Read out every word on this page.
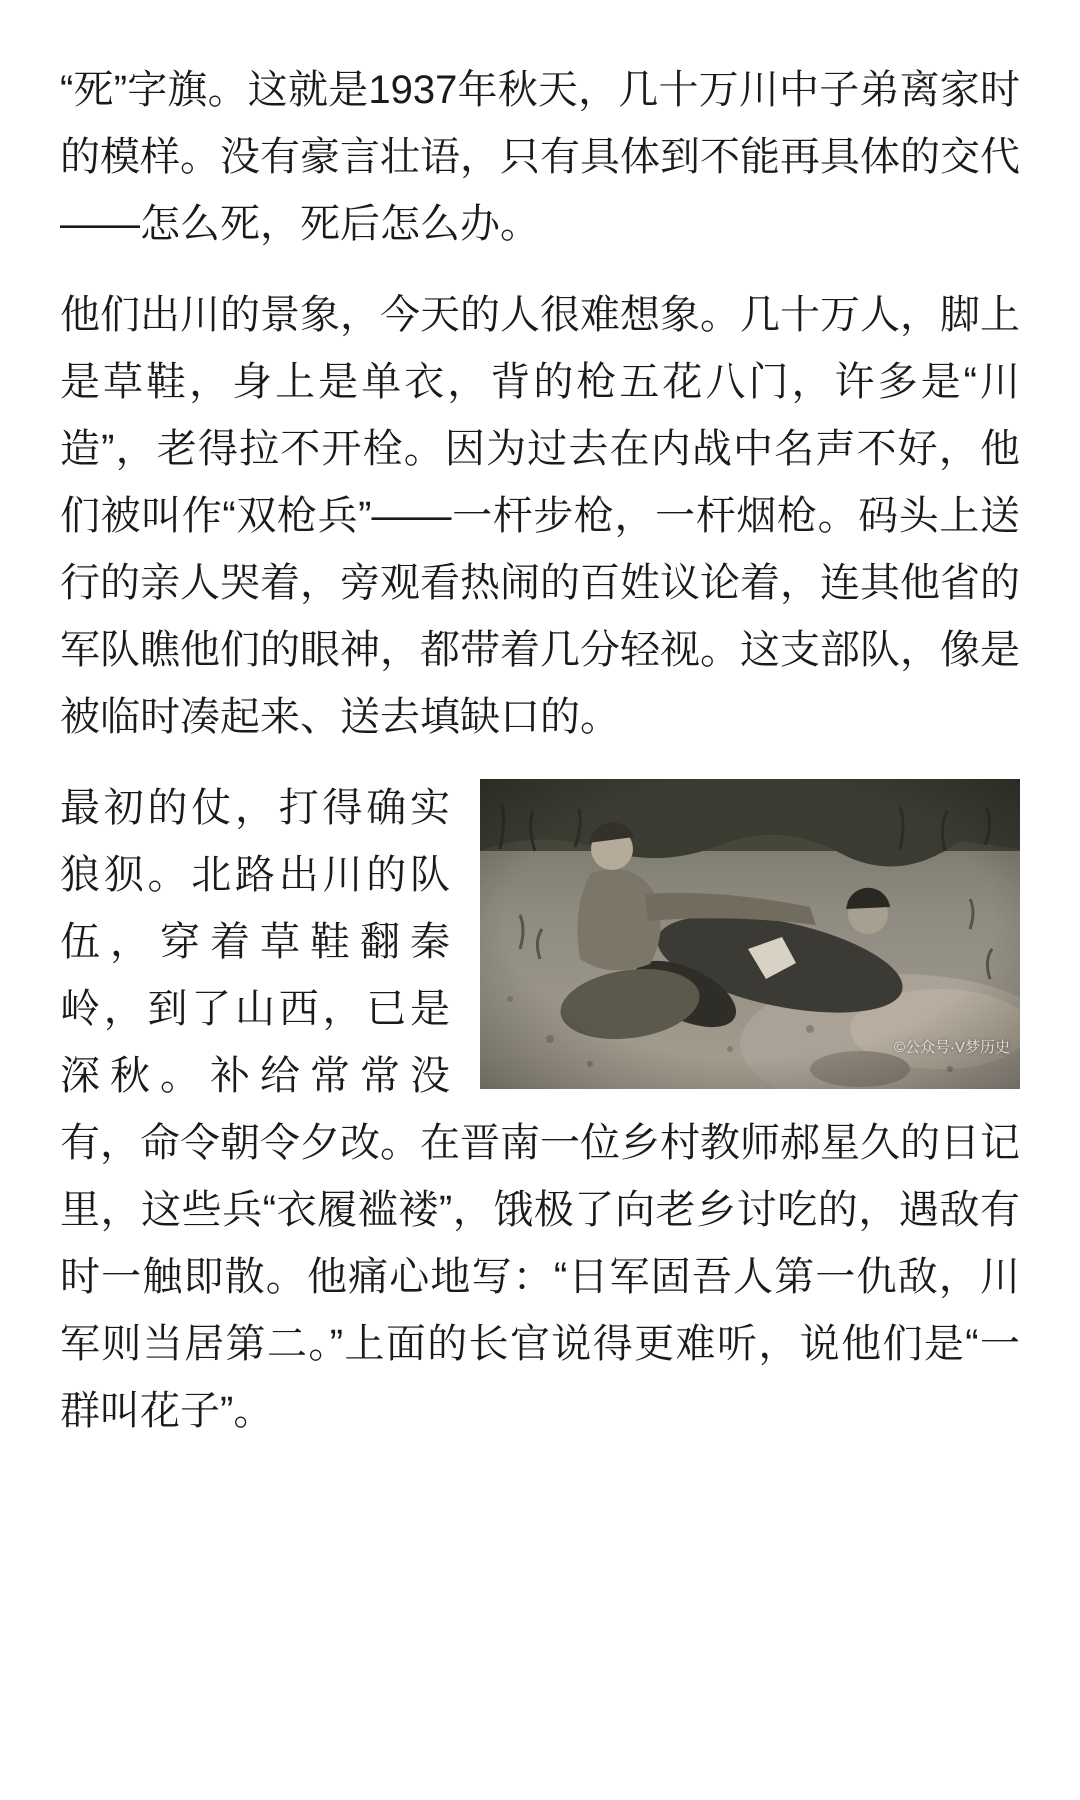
“死”字旗。这就是1937年秋天，几十万川中子弟离家时的模样。没有豪言壮语，只有具体到不能再具体的交代——怎么死，死后怎么办。

他们出川的景象，今天的人很难想象。几十万人，脚上是草鞋，身上是单衣，背的枪五花八门，许多是“川造”，老得拉不开栓。因为过去在内战中名声不好，他们被叫作“双枪兵”——一杆步枪，一杆烟枪。码头上送行的亲人哭着，旁观看热闹的百姓议论着，连其他省的军队瞧他们的眼神，都带着几分轻视。这支部队，像是被临时凑起来、送去填缺口的。

©公众号·V梦历史
最初的仗，打得确实狼狈。北路出川的队伍，穿着草鞋翻秦岭，到了山西，已是深秋。补给常常没有，命令朝令夕改。在晋南一位乡村教师郝星久的日记里，这些兵“衣履褴褛”，饿极了向老乡讨吃的，遇敌有时一触即散。他痛心地写：“日军固吾人第一仇敌，川军则当居第二。”上面的长官说得更难听，说他们是“一群叫花子”。
